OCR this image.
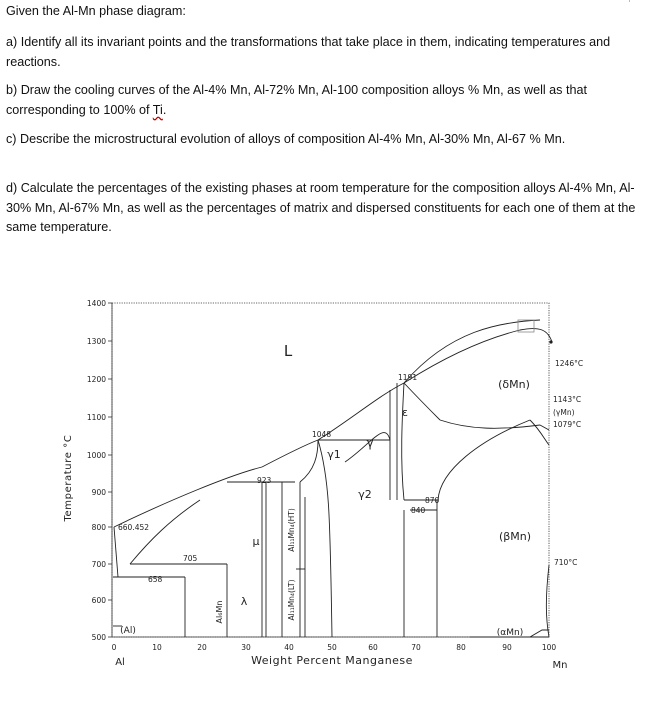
Given the Al-Mn phase diagram:

a) Identify all its invariant points and the transformations that take place in them, indicating temperatures and reactions.

b) Draw the cooling curves of the Al-4% Mn, Al-72% Mn, Al-100 composition alloys % Mn, as well as that corresponding to 100% of Ti.

c) Describe the microstructural evolution of alloys of composition Al-4% Mn, Al-30% Mn, Al-67 % Mn.

d) Calculate the percentages of the existing phases at room temperature for the composition alloys Al-4% Mn, Al-30% Mn, Al-67% Mn, as well as the percentages of matrix and dispersed constituents for each one of them at the same temperature.

1400
1300
1200
1100
1000
900
800
700
600
500
0	10	20	30	40	50	60	70	80	90	100
Al	Mn
Weight Percent Manganese
Temperature °C
660.452
658
705
923
1048
1191
870
840
1246°C
1143°C
1079°C
710°C
L
(δMn)
(βMn)
(αMn)
(γMn)
(Al)
ε
γ
γ1
γ2
μ
λ
Al₆Mn
Al₁₁Mn₄(HT)
Al₁₁Mn₄(LT)
